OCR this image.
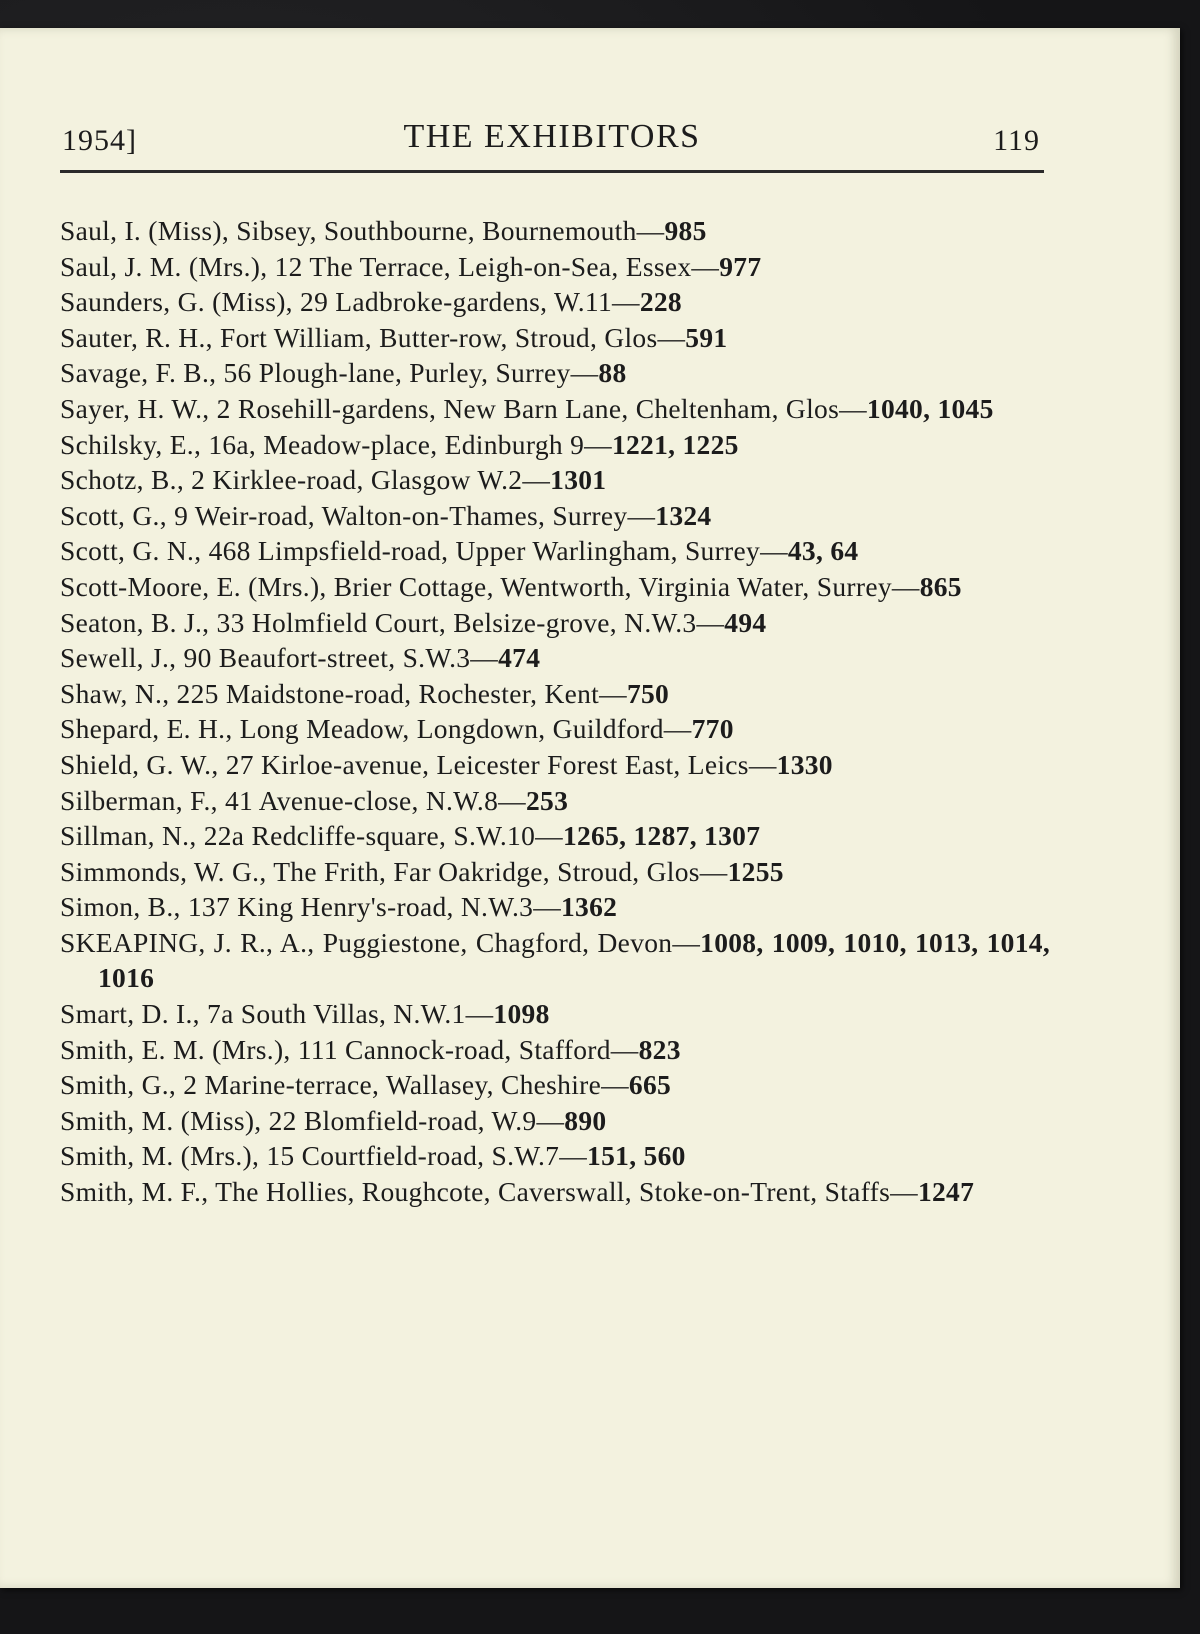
1954]	THE EXHIBITORS	119
Saul, I. (Miss), Sibsey, Southbourne, Bournemouth—985
Saul, J. M. (Mrs.), 12 The Terrace, Leigh-on-Sea, Essex—977
Saunders, G. (Miss), 29 Ladbroke-gardens, W.11—228
Sauter, R. H., Fort William, Butter-row, Stroud, Glos—591
Savage, F. B., 56 Plough-lane, Purley, Surrey—88
Sayer, H. W., 2 Rosehill-gardens, New Barn Lane, Cheltenham, Glos—1040, 1045
Schilsky, E., 16a, Meadow-place, Edinburgh 9—1221, 1225
Schotz, B., 2 Kirklee-road, Glasgow W.2—1301
Scott, G., 9 Weir-road, Walton-on-Thames, Surrey—1324
Scott, G. N., 468 Limpsfield-road, Upper Warlingham, Surrey—43, 64
Scott-Moore, E. (Mrs.), Brier Cottage, Wentworth, Virginia Water, Surrey—865
Seaton, B. J., 33 Holmfield Court, Belsize-grove, N.W.3—494
Sewell, J., 90 Beaufort-street, S.W.3—474
Shaw, N., 225 Maidstone-road, Rochester, Kent—750
Shepard, E. H., Long Meadow, Longdown, Guildford—770
Shield, G. W., 27 Kirloe-avenue, Leicester Forest East, Leics—1330
Silberman, F., 41 Avenue-close, N.W.8—253
Sillman, N., 22a Redcliffe-square, S.W.10—1265, 1287, 1307
Simmonds, W. G., The Frith, Far Oakridge, Stroud, Glos—1255
Simon, B., 137 King Henry's-road, N.W.3—1362
SKEAPING, J. R., A., Puggiestone, Chagford, Devon—1008, 1009, 1010, 1013, 1014, 1016
Smart, D. I., 7a South Villas, N.W.1—1098
Smith, E. M. (Mrs.), 111 Cannock-road, Stafford—823
Smith, G., 2 Marine-terrace, Wallasey, Cheshire—665
Smith, M. (Miss), 22 Blomfield-road, W.9—890
Smith, M. (Mrs.), 15 Courtfield-road, S.W.7—151, 560
Smith, M. F., The Hollies, Roughcote, Caverswall, Stoke-on-Trent, Staffs—1247
